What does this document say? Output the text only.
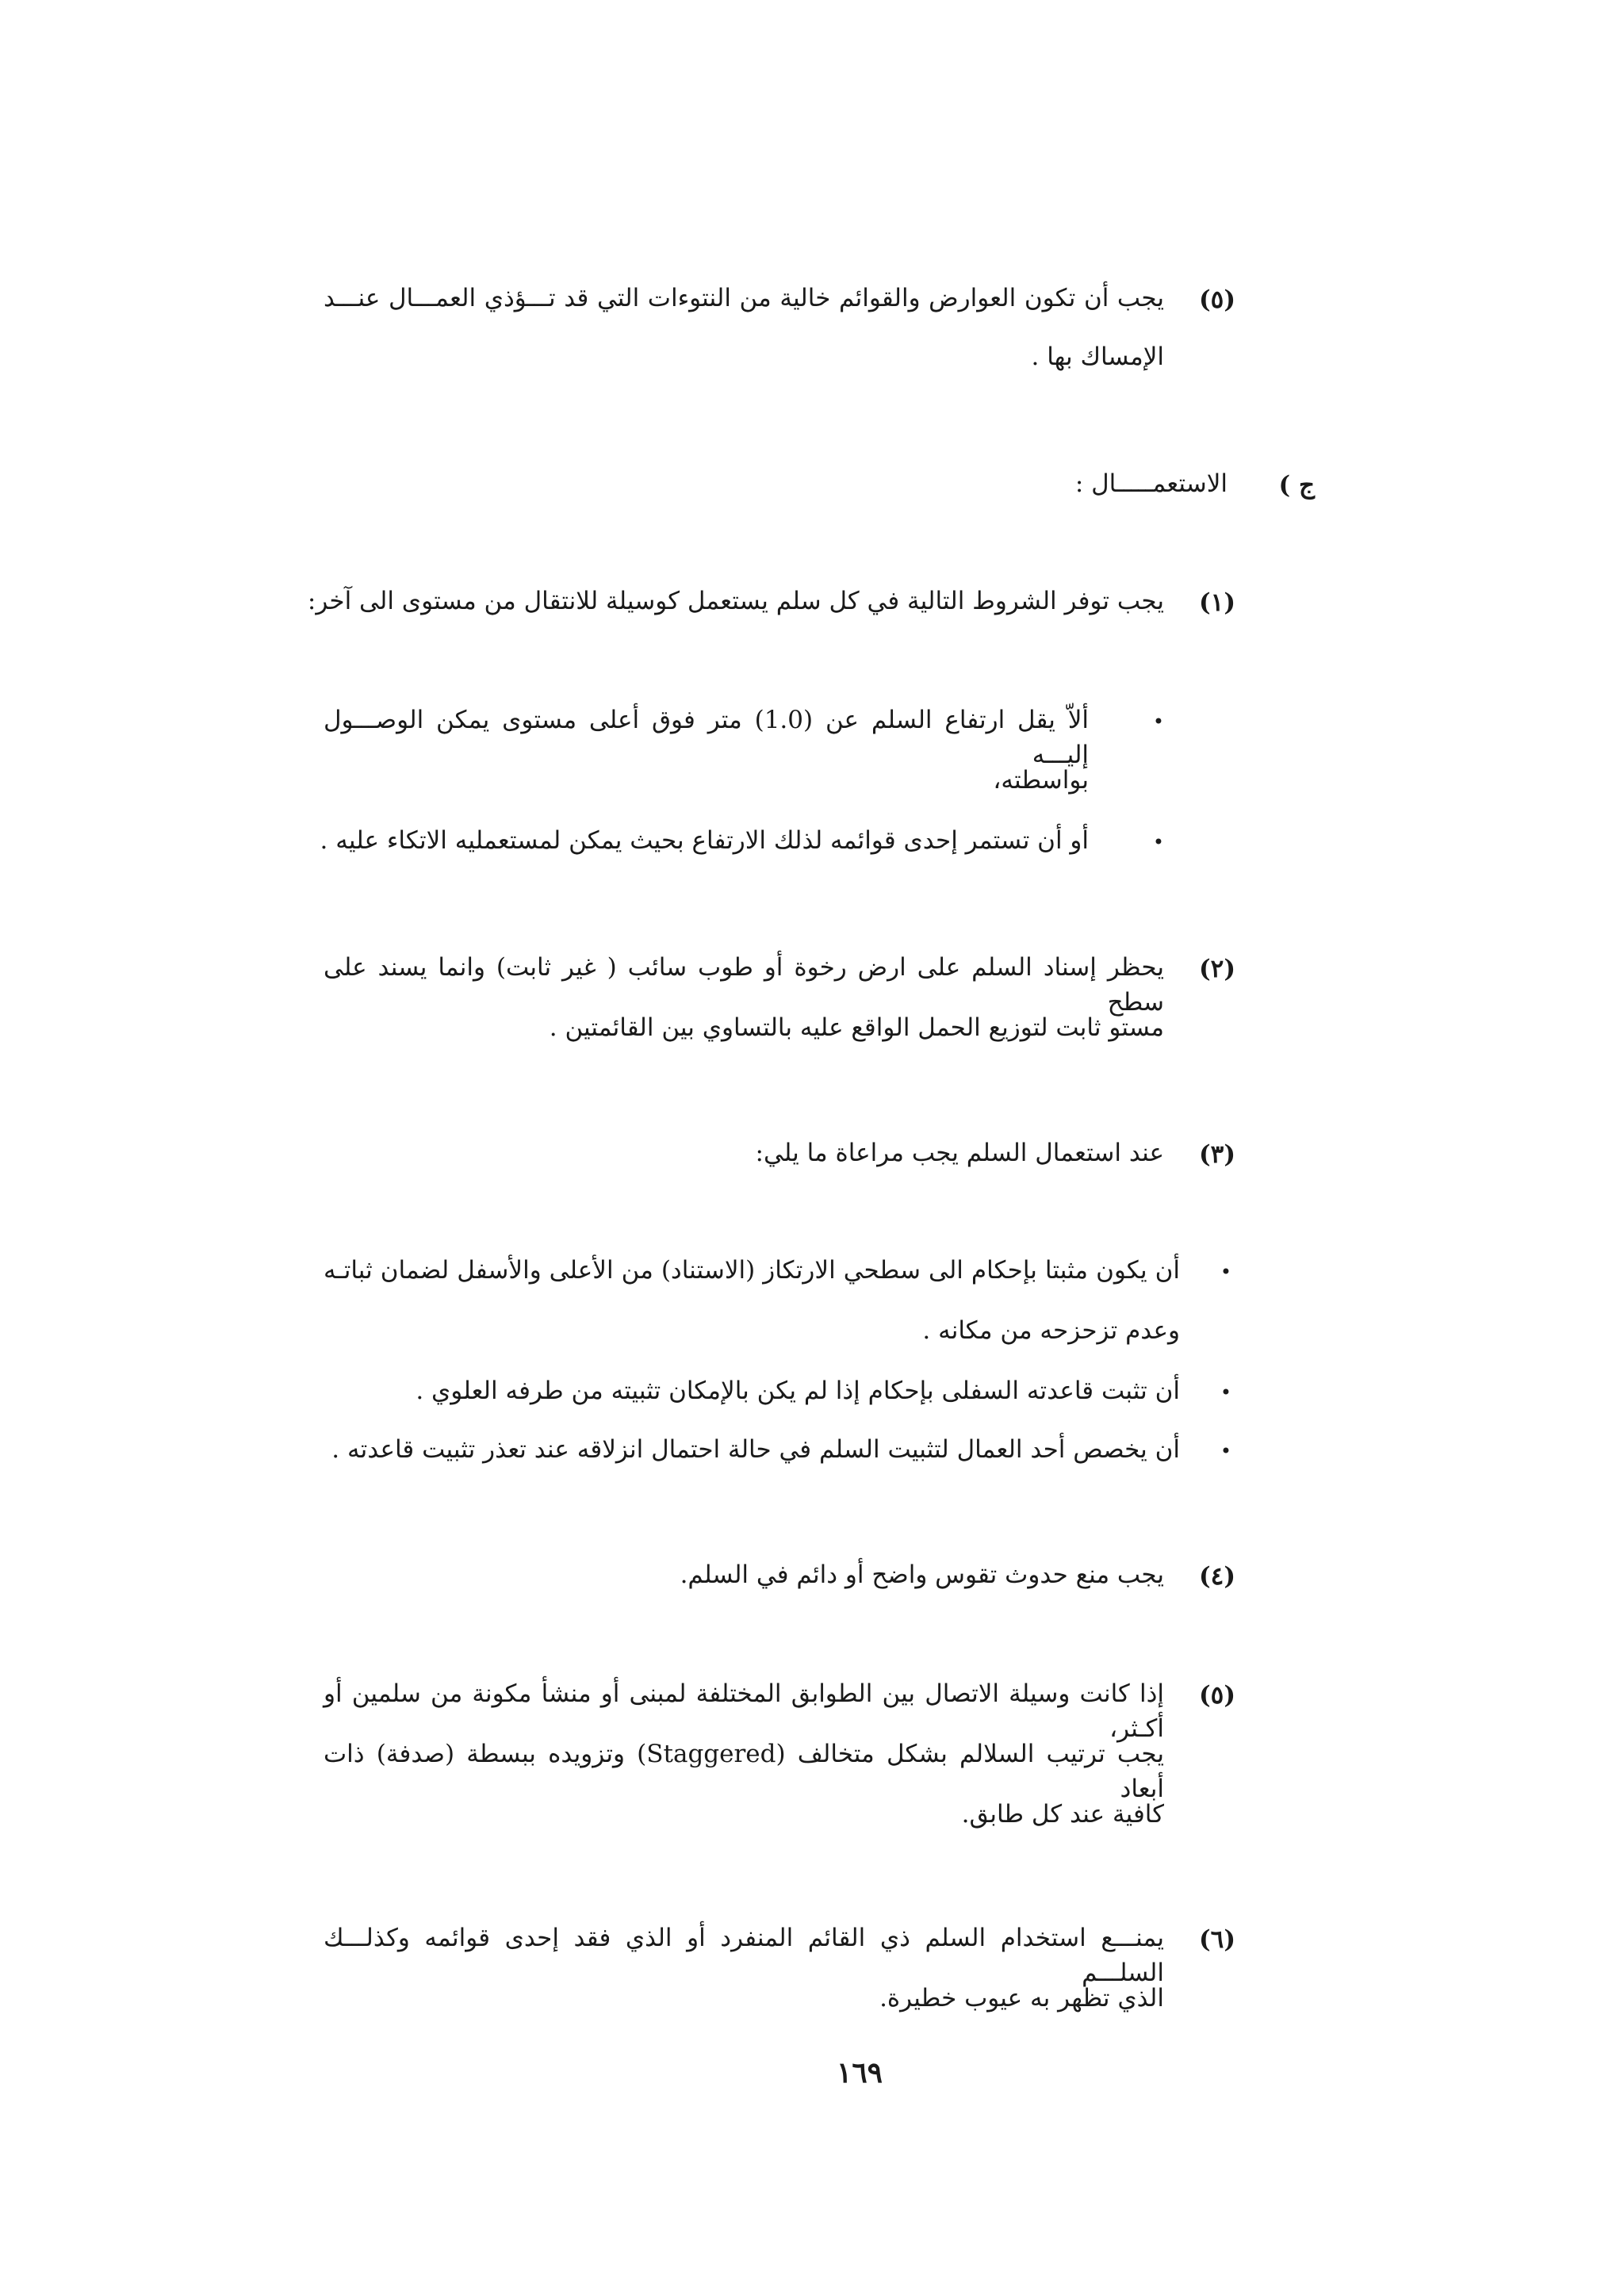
(٥)
يجب أن تكون العوارض والقوائم خالية من النتوءات التي قد تـــؤذي العمـــال عنـــد
الإمساك بها .
ج )
الاستعمـــــال :
(١)
يجب توفر الشروط التالية في كل سلم يستعمل كوسيلة للانتقال من مستوى الى آخر:
•
ألاّ يقل ارتفاع السلم عن (1.0) متر فوق أعلى مستوى يمكن الوصـــول إليـــه
بواسطته،
•
أو أن تستمر إحدى قوائمه لذلك الارتفاع بحيث يمكن لمستعمليه الاتكاء عليه .
(٢)
يحظر إسناد السلم على ارض رخوة أو طوب سائب ( غير ثابت) وانما يسند على سطح
مستو ثابت لتوزيع الحمل الواقع عليه بالتساوي بين القائمتين .
(٣)
عند استعمال السلم يجب مراعاة ما يلي:
•
أن يكون مثبتا بإحكام الى سطحي الارتكاز (الاستناد) من الأعلى والأسفل لضمان ثباتـه
وعدم تزحزحه من مكانه .
•
أن تثبت قاعدته السفلى بإحكام إذا لم يكن بالإمكان تثبيته من طرفه العلوي .
•
أن يخصص أحد العمال لتثبيت السلم في حالة احتمال انزلاقه عند تعذر تثبيت قاعدته .
(٤)
يجب منع حدوث تقوس واضح أو دائم في السلم.
(٥)
إذا كانت وسيلة الاتصال بين الطوابق المختلفة لمبنى أو منشأ مكونة من سلمين أو أكـثر،
يجب ترتيب السلالم بشكل متخالف (Staggered) وتزويده ببسطة (صدفة) ذات أبعاد
كافية عند كل طابق.
(٦)
يمنـــع استخدام السلم ذي القائم المنفرد أو الذي فقد إحدى قوائمه وكذلـــك السلـــم
الذي تظهر به عيوب خطيرة.
١٦٩
